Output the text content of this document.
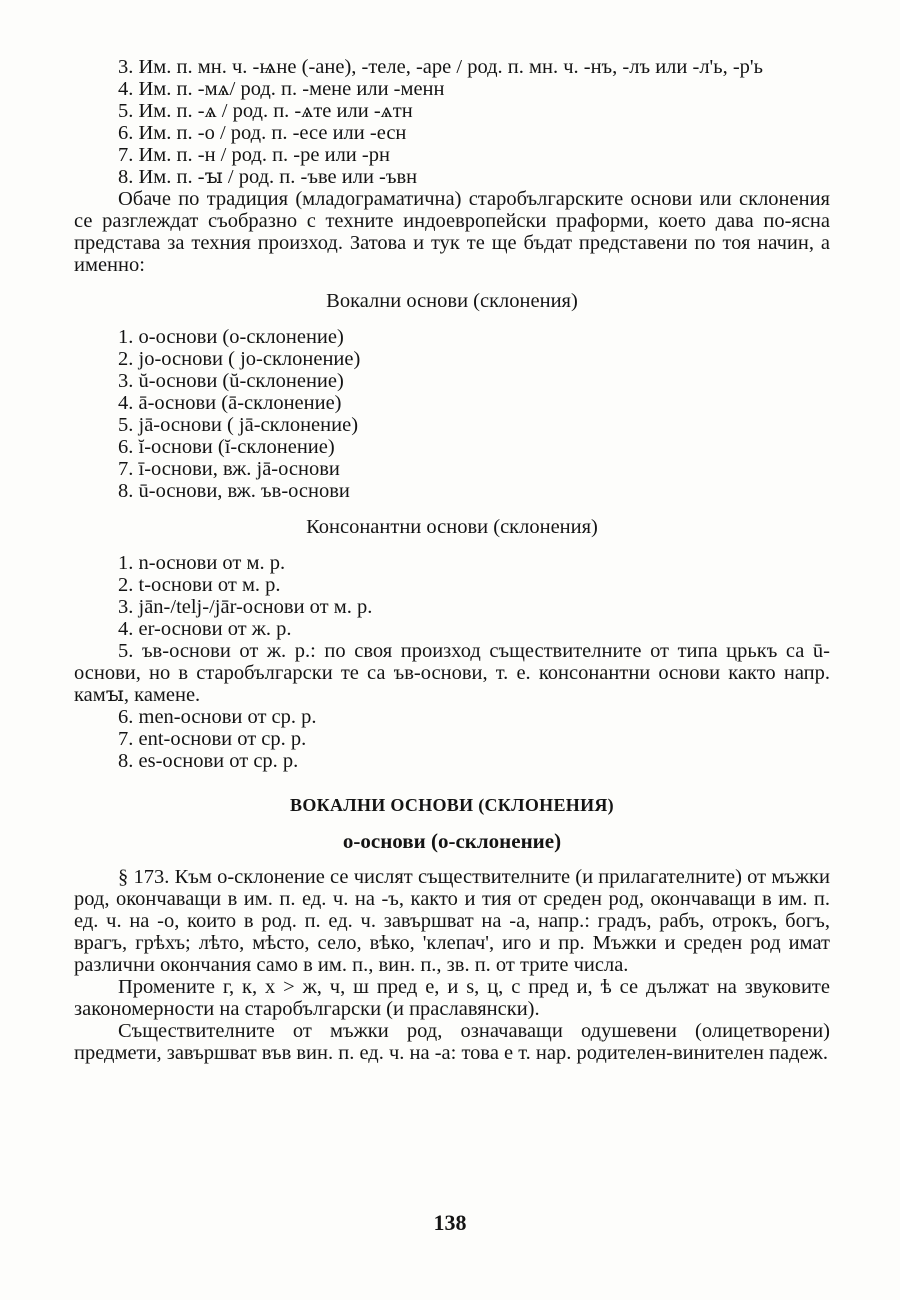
3. Им. п. мн. ч. -ѩне (-ане), -теле, -аре / род. п. мн. ч. -нъ, -лъ или -л'ь, -р'ь

4. Им. п. -мѧ/ род. п. -мене или -менн

5. Им. п. -ѧ / род. п. -ѧте или -ѧтн

6. Им. п. -о / род. п. -есе или -есн

7. Им. п. -н / род. п. -ре или -рн

8. Им. п. -ꙑ / род. п. -ъве или -ъвн

Обаче по традиция (младограматична) старобългарските основи или склонения се разглеждат съобразно с техните индоевропейски праформи, което дава по-ясна представа за техния произход. Затова и тук те ще бъдат представени по тоя начин, а именно:

Вокални основи (склонения)

1. о-основи (о-склонение)

2. jo-основи ( jo-склонение)

3. ŭ-основи (ŭ-склонение)

4. ā-основи (ā-склонение)

5. jā-основи ( jā-склонение)

6. ĭ-основи (ĭ-склонение)

7. ī-основи, вж. jā-основи

8. ū-основи, вж. ъв-основи

Консонантни основи (склонения)

1. n-основи от м. р.

2. t-основи от м. р.

3. jān-/telj-/jār-основи от м. р.

4. er-основи от ж. р.

5. ъв-основи от ж. р.: по своя произход съществителните от типа црькъ са ū-основи, но в старобългарски те са ъв-основи, т. е. консонантни основи както напр. камꙑ, камене.

6. men-основи от ср. р.

7. ent-основи от ср. р.

8. es-основи от ср. р.

ВОКАЛНИ ОСНОВИ (СКЛОНЕНИЯ)

о-основи (о-склонение)

§ 173. Към о-склонение се числят съществителните (и прилагателните) от мъжки род, окончаващи в им. п. ед. ч. на -ъ, както и тия от среден род, окончаващи в им. п. ед. ч. на -о, които в род. п. ед. ч. завършват на -а, напр.: градъ, рабъ, отрокъ, богъ, врагъ, грѣхъ; лѣто, мѣсто, село, вѣко, 'клепач', иго и пр. Мъжки и среден род имат различни окончания само в им. п., вин. п., зв. п. от трите числа.

Промените г, к, х > ж, ч, ш пред е, и ѕ, ц, с пред и, ѣ се дължат на звуковите закономерности на старобългарски (и праславянски).

Съществителните от мъжки род, означаващи одушевени (олицетворени) предмети, завършват във вин. п. ед. ч. на -а: това е т. нар. родителен-винителен падеж.

138
